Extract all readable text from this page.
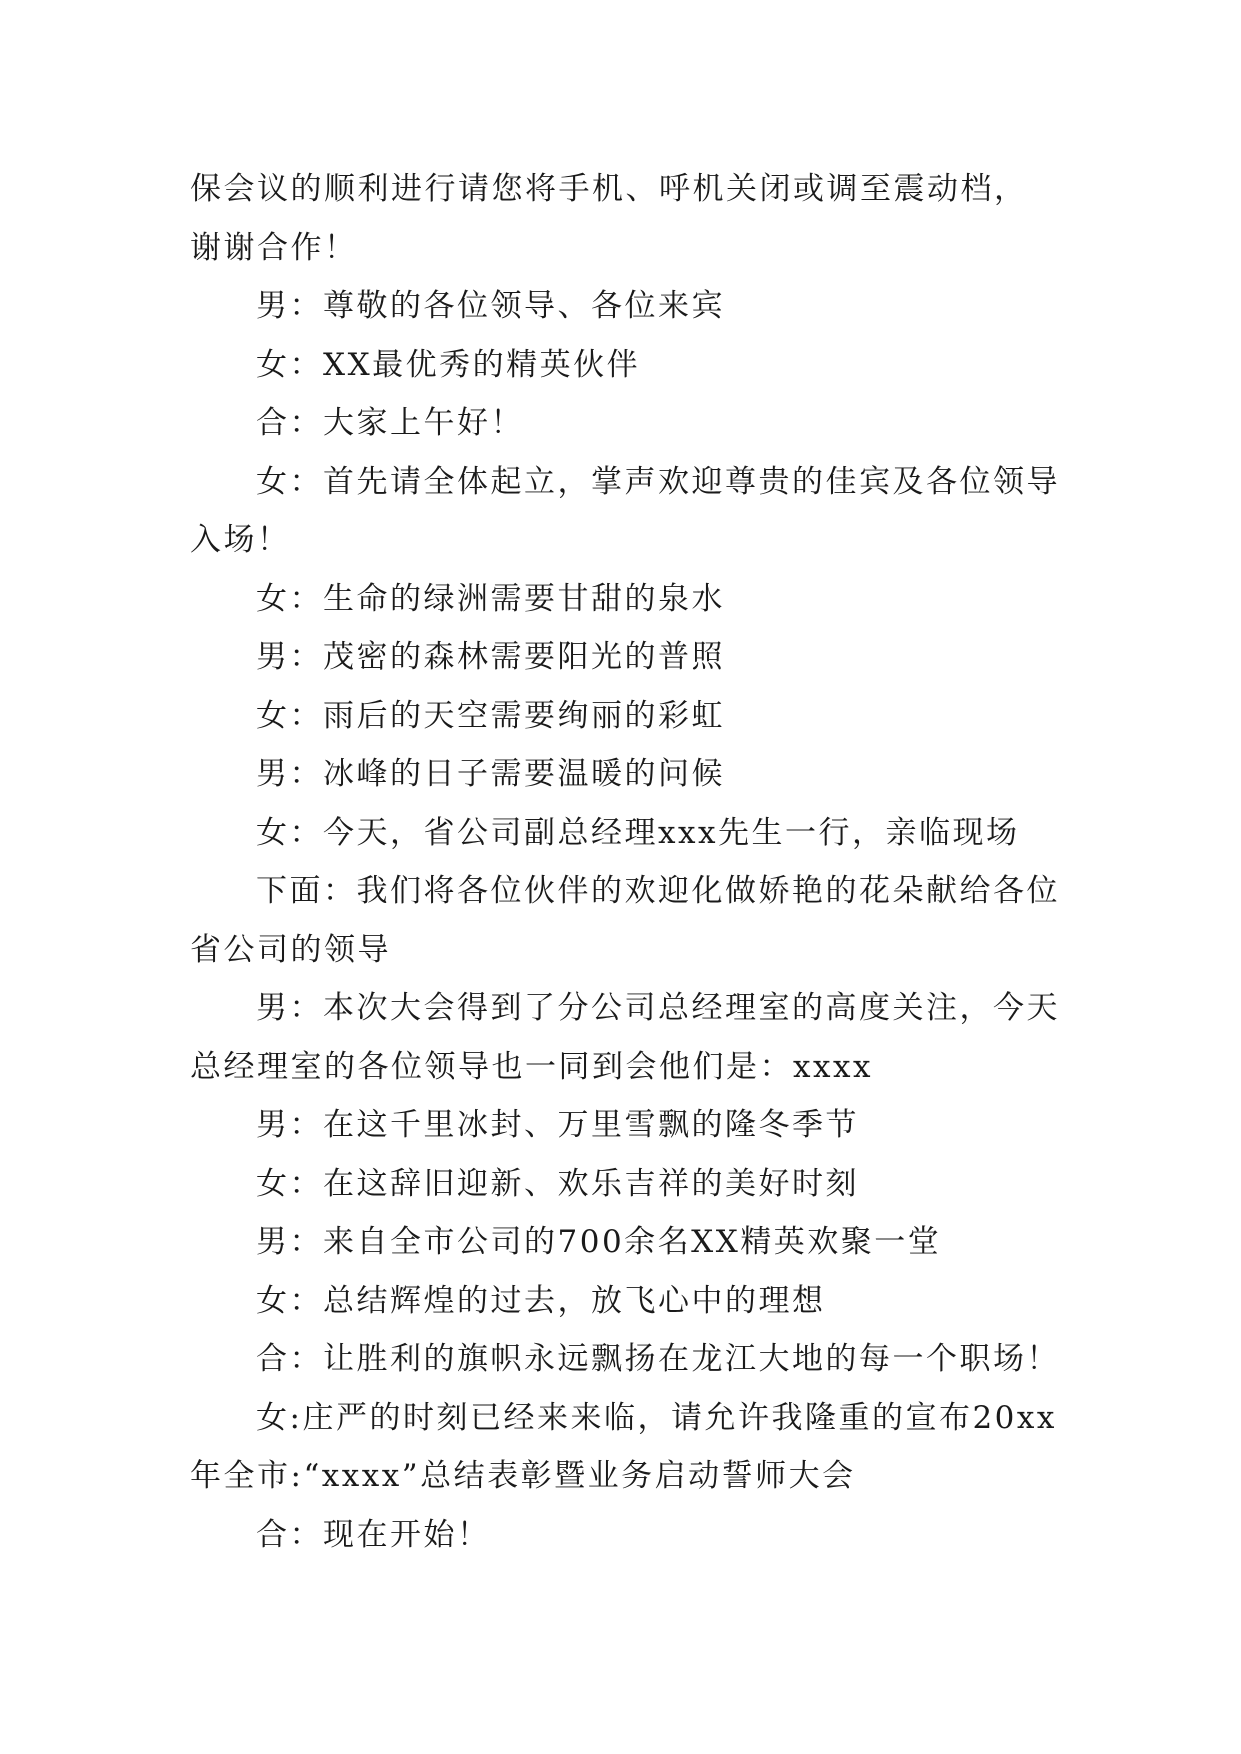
保会议的顺利进行请您将手机、呼机关闭或调至震动档，谢谢合作！

男：尊敬的各位领导、各位来宾

女：XX最优秀的精英伙伴

合：大家上午好！

女：首先请全体起立，掌声欢迎尊贵的佳宾及各位领导入场！

女：生命的绿洲需要甘甜的泉水

男：茂密的森林需要阳光的普照

女：雨后的天空需要绚丽的彩虹

男：冰峰的日子需要温暖的问候

女：今天，省公司副总经理xxx先生一行，亲临现场

下面：我们将各位伙伴的欢迎化做娇艳的花朵献给各位省公司的领导

男：本次大会得到了分公司总经理室的高度关注，今天总经理室的各位领导也一同到会他们是：xxxx

男：在这千里冰封、万里雪飘的隆冬季节

女：在这辞旧迎新、欢乐吉祥的美好时刻

男：来自全市公司的700余名XX精英欢聚一堂

女：总结辉煌的过去，放飞心中的理想

合：让胜利的旗帜永远飘扬在龙江大地的每一个职场！

女:庄严的时刻已经来来临，请允许我隆重的宣布20xx年全市:“xxxx”总结表彰暨业务启动誓师大会

合：现在开始！
